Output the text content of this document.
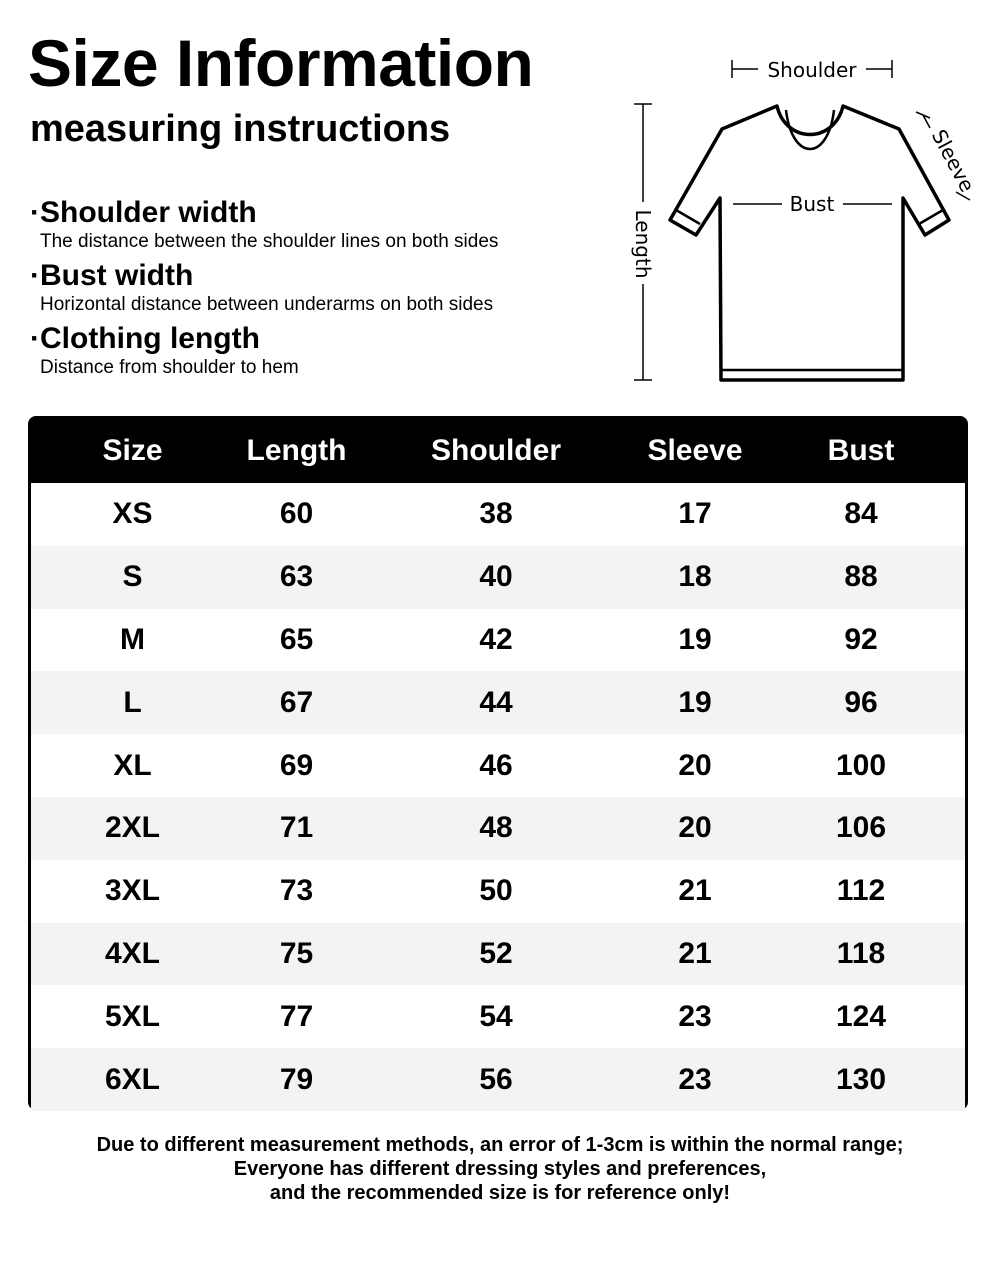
Size Information
measuring instructions
·Shoulder width
The distance between the shoulder lines on both sides
·Bust width
Horizontal distance between underarms on both sides
·Clothing length
Distance from shoulder to hem
Shoulder
Bust
Length
Sleeve
Size	Length	Shoulder	Sleeve	Bust
XS	60	38	17	84
S	63	40	18	88
M	65	42	19	92
L	67	44	19	96
XL	69	46	20	100
2XL	71	48	20	106
3XL	73	50	21	112
4XL	75	52	21	118
5XL	77	54	23	124
6XL	79	56	23	130
Due to different measurement methods, an error of 1-3cm is within the normal range;
Everyone has different dressing styles and preferences,
and the recommended size is for reference only!
